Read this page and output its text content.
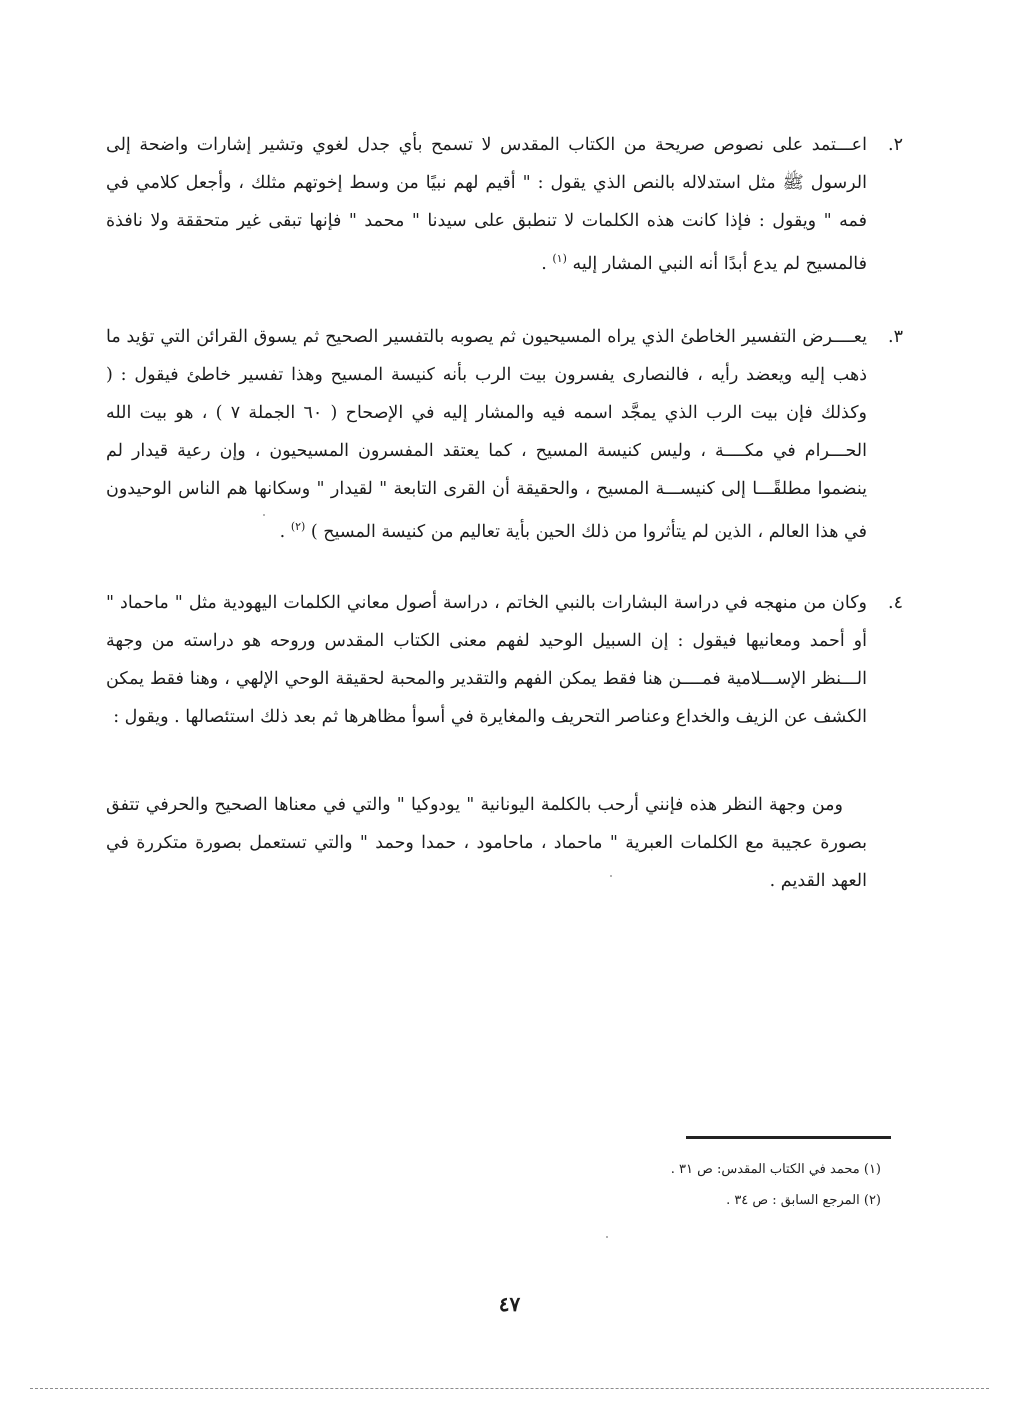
٢.
اعـــتمد على نصوص صريحة من الكتاب المقدس لا تسمح بأي جدل لغوي وتشير إشارات واضحة إلى الرسول ﷺ مثل استدلاله بالنص الذي يقول : " أقيم لهم نبيًا من وسط إخوتهم مثلك ، وأجعل كلامي في فمه " ويقول : فإذا كانت هذه الكلمات لا تنطبق على سيدنا " محمد " فإنها تبقى غير متحققة ولا نافذة فالمسيح لم يدع أبدًا أنه النبي المشار إليه $^{(١)}$ .
٣.
يعــــرض التفسير الخاطئ الذي يراه المسيحيون ثم يصوبه بالتفسير الصحيح ثم يسوق القرائن التي تؤيد ما ذهب إليه ويعضد رأيه ، فالنصارى يفسرون بيت الرب بأنه كنيسة المسيح وهذا تفسير خاطئ فيقول : ( وكذلك فإن بيت الرب الذي يمجَّد اسمه فيه والمشار إليه في الإصحاح ( ٦٠ الجملة ٧ ) ، هو بيت الله الحـــرام في مكــــة ، وليس كنيسة المسيح ، كما يعتقد المفسرون المسيحيون ، وإن رعية قيدار لم ينضموا مطلقًـــا إلى كنيســـة المسيح ، والحقيقة أن القرى التابعة " لقيدار " وسكانها هم الناس الوحيدون في هذا العالم ، الذين لم يتأثروا من ذلك الحين بأية تعاليم من كنيسة المسيح ) $^{(٢)}$ .
٤.
وكان من منهجه في دراسة البشارات بالنبي الخاتم ، دراسة أصول معاني الكلمات اليهودية مثل " ماحماد " أو أحمد ومعانيها فيقول : إن السبيل الوحيد لفهم معنى الكتاب المقدس وروحه هو دراسته من وجهة الـــنظر الإســـلامية فمــــن هنا فقط يمكن الفهم والتقدير والمحبة لحقيقة الوحي الإلهي ، وهنا فقط يمكن الكشف عن الزيف والخداع وعناصر التحريف والمغايرة في أسوأ مظاهرها ثم بعد ذلك استئصالها . ويقول :
ومن وجهة النظر هذه فإنني أرحب بالكلمة اليونانية " يودوكيا " والتي في معناها الصحيح والحرفي تتفق بصورة عجيبة مع الكلمات العبرية " ماحماد ، ماحامود ، حمدا وحمد " والتي تستعمل بصورة متكررة في العهد القديم .
(١) محمد في الكتاب المقدس: ص ٣١ .
(٢) المرجع السابق : ص ٣٤ .
٤٧
